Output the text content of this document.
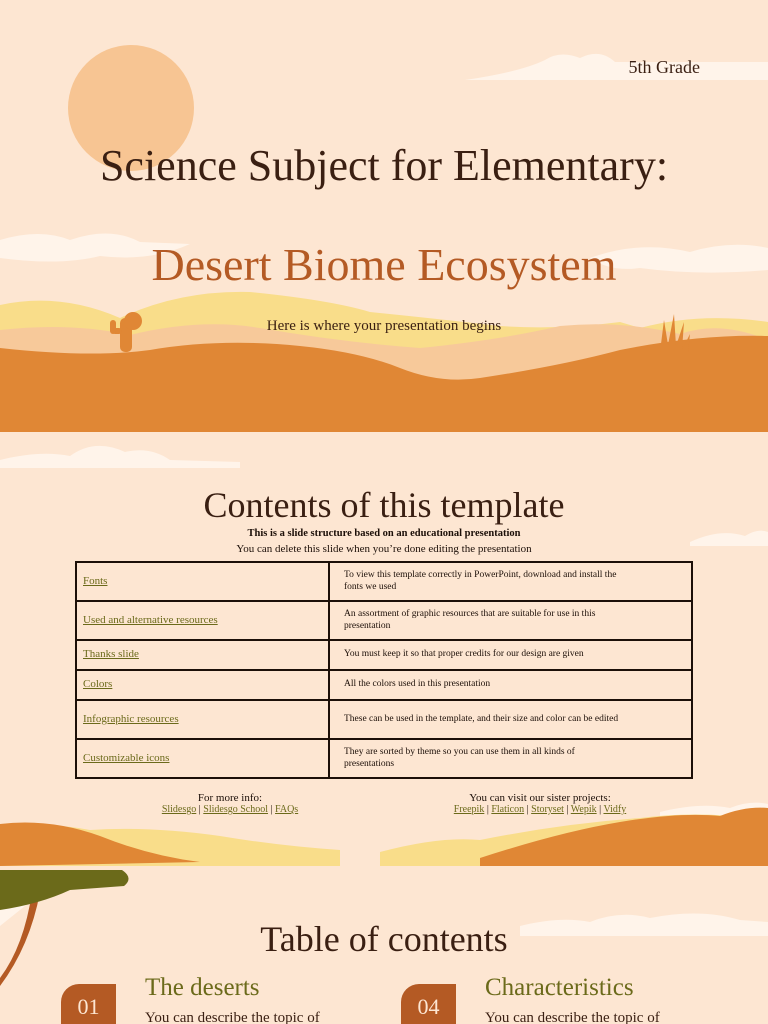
5th Grade
Science Subject for Elementary:
Desert Biome Ecosystem
Here is where your presentation begins
Contents of this template
This is a slide structure based on an educational presentation
You can delete this slide when you’re done editing the presentation
Fonts	To view this template correctly in PowerPoint, download and install the fonts we used
Used and alternative resources	An assortment of graphic resources that are suitable for use in this presentation
Thanks slide	You must keep it so that proper credits for our design are given
Colors	All the colors used in this presentation
Infographic resources	These can be used in the template, and their size and color can be edited
Customizable icons	They are sorted by theme so you can use them in all kinds of presentations
For more info:
Slidesgo | Slidesgo School | FAQs
You can visit our sister projects:
Freepik | Flaticon | Storyset | Wepik | Vidfy
Table of contents
01
The deserts
You can describe the topic of	04
Characteristics
You can describe the topic of
